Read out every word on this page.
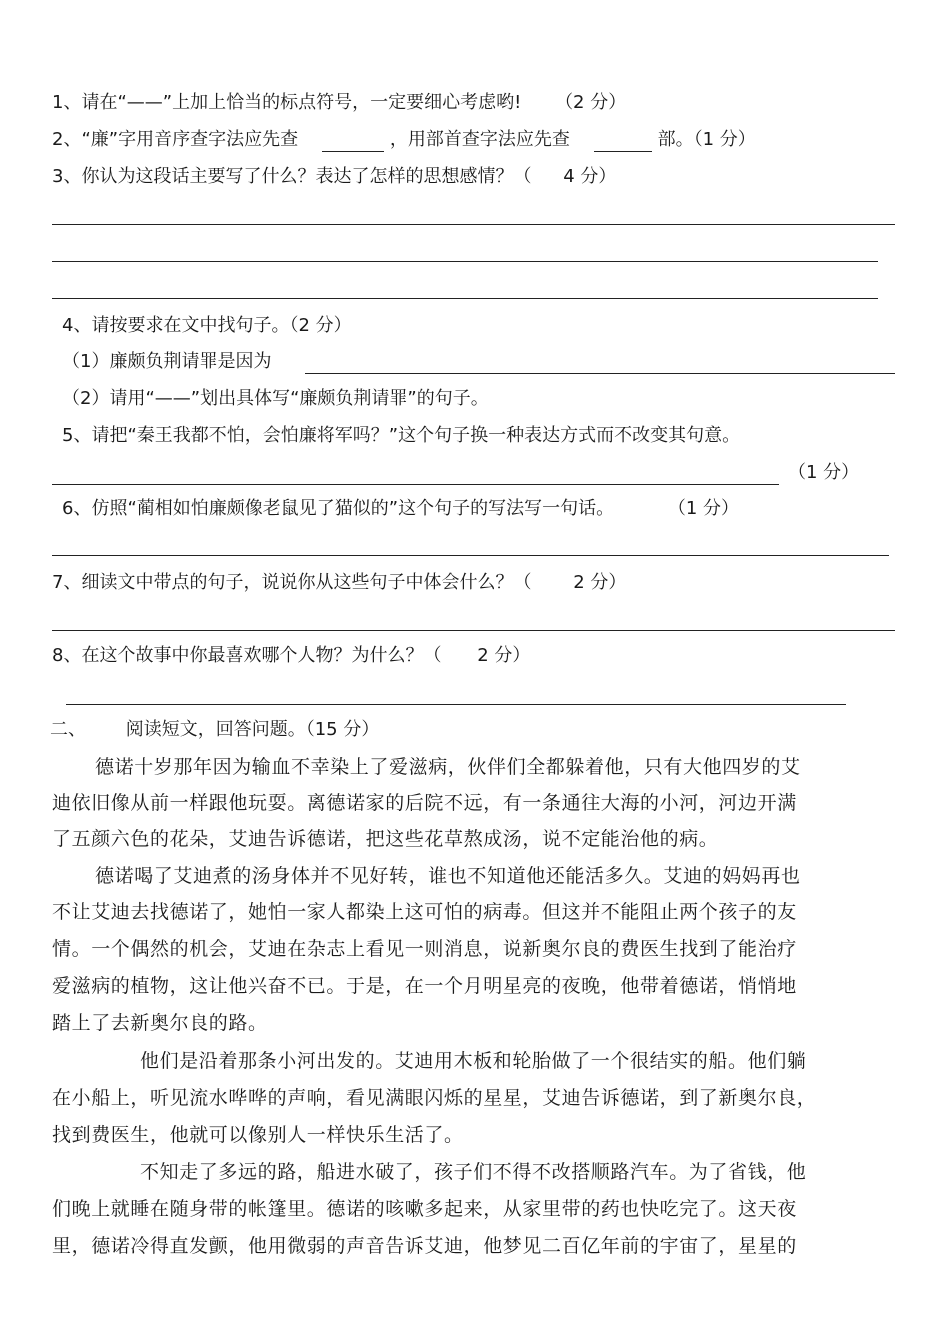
1、请在“——”上加上恰当的标点符号，一定要细心考虑哟! （2 分）
2、“廉”字用音序查字法应先查	，用部首查字法应先查	部。（1 分）
3、你认为这段话主要写了什么？表达了怎样的思想感情？（ 4 分）
4、请按要求在文中找句子。（2 分）
（1）廉颇负荆请罪是因为
（2）请用“——”划出具体写“廉颇负荆请罪”的句子。
5、请把“秦王我都不怕，会怕廉将军吗？”这个句子换一种表达方式而不改变其句意。
（1 分）
6、仿照“蔺相如怕廉颇像老鼠见了猫似的”这个句子的写法写一句话。	（1 分）
7、细读文中带点的句子，说说你从这些句子中体会什么？（ 2 分）
8、在这个故事中你最喜欢哪个人物？为什么？（ 2 分）
二、 阅读短文，回答问题。（15 分）
德诺十岁那年因为输血不幸染上了爱滋病，伙伴们全都躲着他，只有大他四岁的艾
迪依旧像从前一样跟他玩耍。离德诺家的后院不远，有一条通往大海的小河，河边开满
了五颜六色的花朵，艾迪告诉德诺，把这些花草熬成汤，说不定能治他的病。
德诺喝了艾迪煮的汤身体并不见好转，谁也不知道他还能活多久。艾迪的妈妈再也
不让艾迪去找德诺了，她怕一家人都染上这可怕的病毒。但这并不能阻止两个孩子的友
情。一个偶然的机会，艾迪在杂志上看见一则消息，说新奥尔良的费医生找到了能治疗
爱滋病的植物，这让他兴奋不已。于是，在一个月明星亮的夜晚，他带着德诺，悄悄地
踏上了去新奥尔良的路。
他们是沿着那条小河出发的。艾迪用木板和轮胎做了一个很结实的船。他们躺
在小船上，听见流水哗哗的声响，看见满眼闪烁的星星，艾迪告诉德诺，到了新奥尔良，
找到费医生，他就可以像别人一样快乐生活了。
不知走了多远的路，船进水破了，孩子们不得不改搭顺路汽车。为了省钱，他
们晚上就睡在随身带的帐篷里。德诺的咳嗽多起来，从家里带的药也快吃完了。这天夜
里，德诺冷得直发颤，他用微弱的声音告诉艾迪，他梦见二百亿年前的宇宙了，星星的
